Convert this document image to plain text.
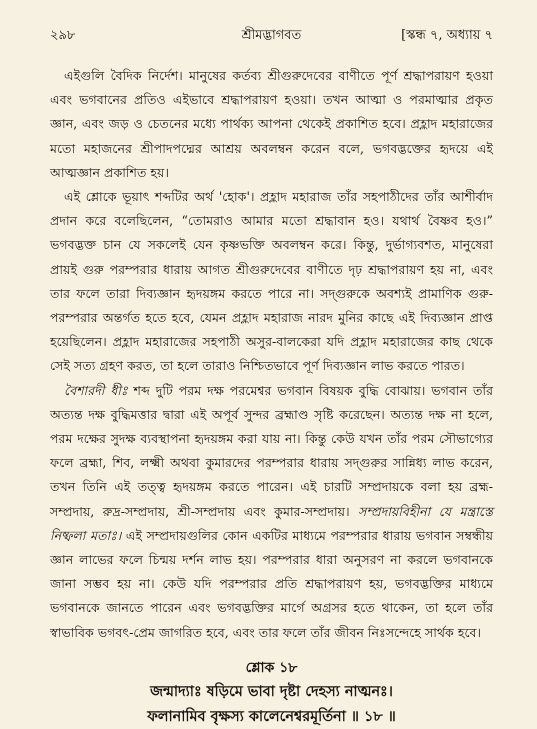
২৯৮	শ্রীমদ্ভাগবত	[স্কন্ধ ৭, অধ্যায় ৭

এইগুলি বৈদিক নির্দেশ। মানুষের কর্তব্য শ্রীগুরুদেবের বাণীতে পূর্ণ শ্রদ্ধাপরায়ণ হওয়া এবং ভগবানের প্রতিও এইভাবে শ্রদ্ধাপরায়ণ হওয়া। তখন আত্মা ও পরমাত্মার প্রকৃত জ্ঞান, এবং জড় ও চেতনের মধ্যে পার্থক্য আপনা থেকেই প্রকাশিত হবে। প্রহ্লাদ মহারাজের মতো মহাজনের শ্রীপাদপদ্মের আশ্রয় অবলম্বন করেন বলে, ভগবদ্ভক্তের হৃদয়ে এই আত্মজ্ঞান প্রকাশিত হয়।

এই শ্লোকে ভূয়াৎ শব্দটির অর্থ 'হোক'। প্রহ্লাদ মহারাজ তাঁর সহপাঠীদের তাঁর আশীর্বাদ প্রদান করে বলেছিলেন, “তোমরাও আমার মতো শ্রদ্ধাবান হও। যথার্থ বৈষ্ণব হও।” ভগবদ্ভক্ত চান যে সকলেই যেন কৃষ্ণভক্তি অবলম্বন করে। কিন্তু, দুর্ভাগ্যবশত, মানুষেরা প্রায়ই গুরু পরম্পরার ধারায় আগত শ্রীগুরুদেবের বাণীতে দৃঢ় শ্রদ্ধাপরায়ণ হয় না, এবং তার ফলে তারা দিব্যজ্ঞান হৃদয়ঙ্গম করতে পারে না। সদ্গুরুকে অবশ্যই প্রামাণিক গুরু-পরম্পরার অন্তর্গত হতে হবে, যেমন প্রহ্লাদ মহারাজ নারদ মুনির কাছে এই দিব্যজ্ঞান প্রাপ্ত হয়েছিলেন। প্রহ্লাদ মহারাজের সহপাঠী অসুর-বালকেরা যদি প্রহ্লাদ মহারাজের কাছ থেকে সেই সত্য গ্রহণ করত, তা হলে তারাও নিশ্চিতভাবে পূর্ণ দিব্যজ্ঞান লাভ করতে পারত।

বৈশারদী ধীঃ শব্দ দুটি পরম দক্ষ পরমেশ্বর ভগবান বিষয়ক বুদ্ধি বোঝায়। ভগবান তাঁর অত্যন্ত দক্ষ বুদ্ধিমত্তার দ্বারা এই অপূর্ব সুন্দর ব্রহ্মাণ্ড সৃষ্টি করেছেন। অত্যন্ত দক্ষ না হলে, পরম দক্ষের সুদক্ষ ব্যবস্থাপনা হৃদয়ঙ্গম করা যায় না। কিন্তু কেউ যখন তাঁর পরম সৌভাগ্যের ফলে ব্রহ্মা, শিব, লক্ষ্মী অথবা কুমারদের পরম্পরার ধারায় সদ্গুরুর সান্নিধ্য লাভ করেন, তখন তিনি এই তত্ত্ব হৃদয়ঙ্গম করতে পারেন। এই চারটি সম্প্রদায়কে বলা হয় ব্রহ্ম-সম্প্রদায়, রুদ্র-সম্প্রদায়, শ্রী-সম্প্রদায় এবং কুমার-সম্প্রদায়। সম্প্রদায়বিহীনা যে মন্ত্রাস্তে নিষ্ফলা মতাঃ। এই সম্প্রদায়গুলির কোন একটির মাধ্যমে পরম্পরার ধারায় ভগবান সম্বন্ধীয় জ্ঞান লাভের ফলে চিন্ময় দর্শন লাভ হয়। পরম্পরার ধারা অনুসরণ না করলে ভগবানকে জানা সম্ভব হয় না। কেউ যদি পরম্পরার প্রতি শ্রদ্ধাপরায়ণ হয়, ভগবদ্ভক্তির মাধ্যমে ভগবানকে জানতে পারেন এবং ভগবদ্ভক্তির মার্গে অগ্রসর হতে থাকেন, তা হলে তাঁর স্বাভাবিক ভগবৎ-প্রেম জাগরিত হবে, এবং তার ফলে তাঁর জীবন নিঃসন্দেহে সার্থক হবে।

শ্লোক ১৮
জন্মাদ্যাঃ ষড়িমে ভাবা দৃষ্টা দেহস্য নাত্মনঃ।
ফলানামিব বৃক্ষস্য কালেনেশ্বরমূর্তিনা ॥ ১৮ ॥
